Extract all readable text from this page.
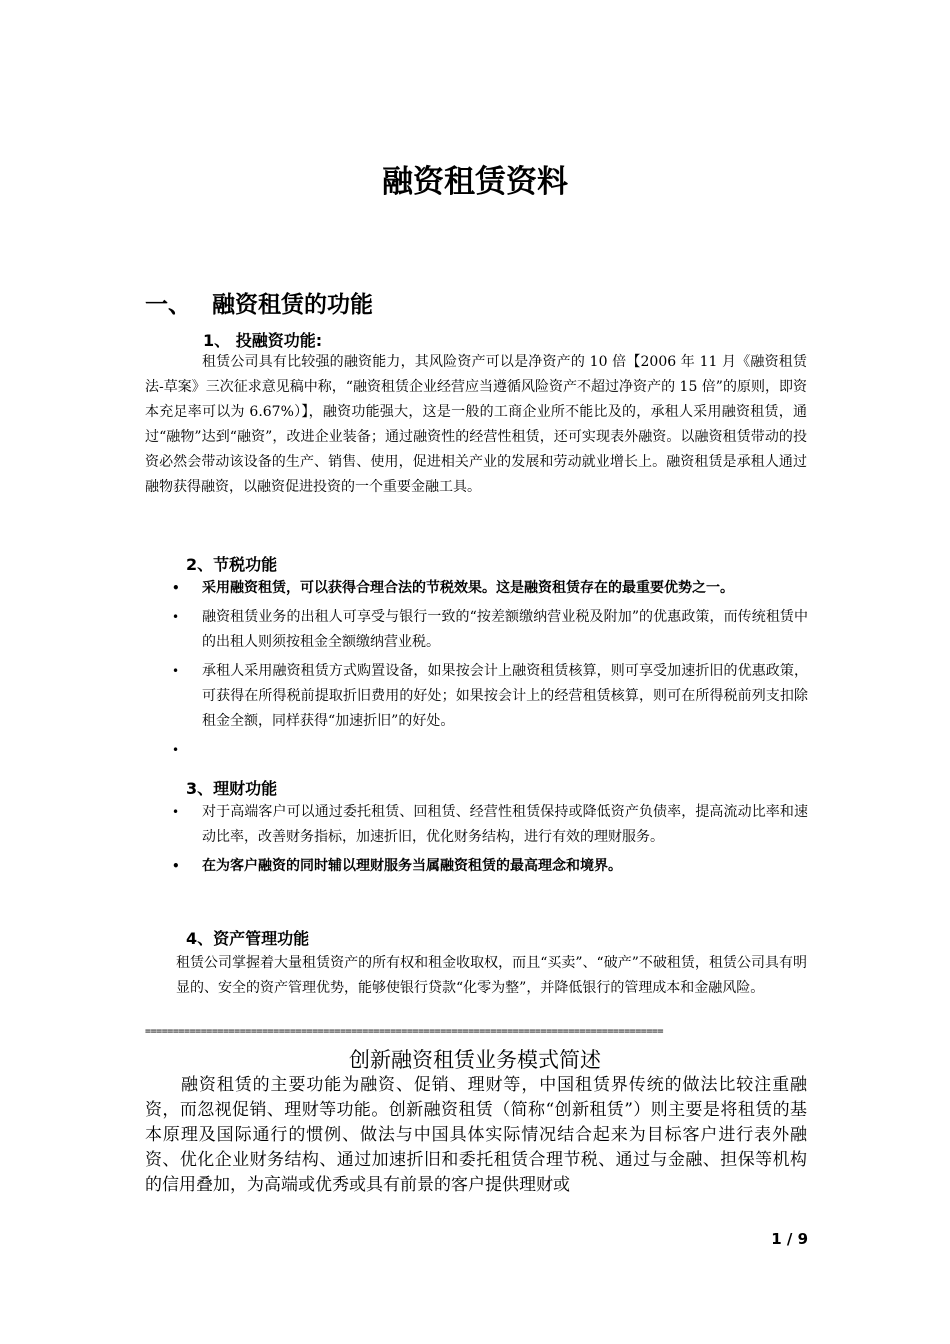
融资租赁资料
一、 融资租赁的功能
1、 投融资功能:
租赁公司具有比较强的融资能力，其风险资产可以是净资产的 10 倍【2006 年 11 月《融资租赁法-草案》三次征求意见稿中称，“融资租赁企业经营应当遵循风险资产不超过净资产的 15 倍”的原则，即资本充足率可以为 6.67%）】，融资功能强大，这是一般的工商企业所不能比及的，承租人采用融资租赁，通过“融物”达到“融资”，改进企业装备；通过融资性的经营性租赁，还可实现表外融资。以融资租赁带动的投资必然会带动该设备的生产、销售、使用，促进相关产业的发展和劳动就业增长上。融资租赁是承租人通过融物获得融资，以融资促进投资的一个重要金融工具。
2、节税功能
• 采用融资租赁，可以获得合理合法的节税效果。这是融资租赁存在的最重要优势之一。
• 融资租赁业务的出租人可享受与银行一致的“按差额缴纳营业税及附加”的优惠政策，而传统租赁中的出租人则须按租金全额缴纳营业税。
• 承租人采用融资租赁方式购置设备，如果按会计上融资租赁核算，则可享受加速折旧的优惠政策，可获得在所得税前提取折旧费用的好处；如果按会计上的经营租赁核算，则可在所得税前列支扣除租金全额，同样获得“加速折旧”的好处。
•
3、理财功能
• 对于高端客户可以通过委托租赁、回租赁、经营性租赁保持或降低资产负债率，提高流动比率和速动比率，改善财务指标，加速折旧，优化财务结构，进行有效的理财服务。
• 在为客户融资的同时辅以理财服务当属融资租赁的最高理念和境界。
4、资产管理功能
租赁公司掌握着大量租赁资产的所有权和租金收取权，而且“买卖”、“破产”不破租赁，租赁公司具有明显的、安全的资产管理优势，能够使银行贷款“化零为整”，并降低银行的管理成本和金融风险。
=============================================================================================
创新融资租赁业务模式简述
融资租赁的主要功能为融资、促销、理财等，中国租赁界传统的做法比较注重融资，而忽视促销、理财等功能。创新融资租赁（简称“创新租赁”）则主要是将租赁的基本原理及国际通行的惯例、做法与中国具体实际情况结合起来为目标客户进行表外融资、优化企业财务结构、通过加速折旧和委托租赁合理节税、通过与金融、担保等机构的信用叠加，为高端或优秀或具有前景的客户提供理财或
1 / 9
